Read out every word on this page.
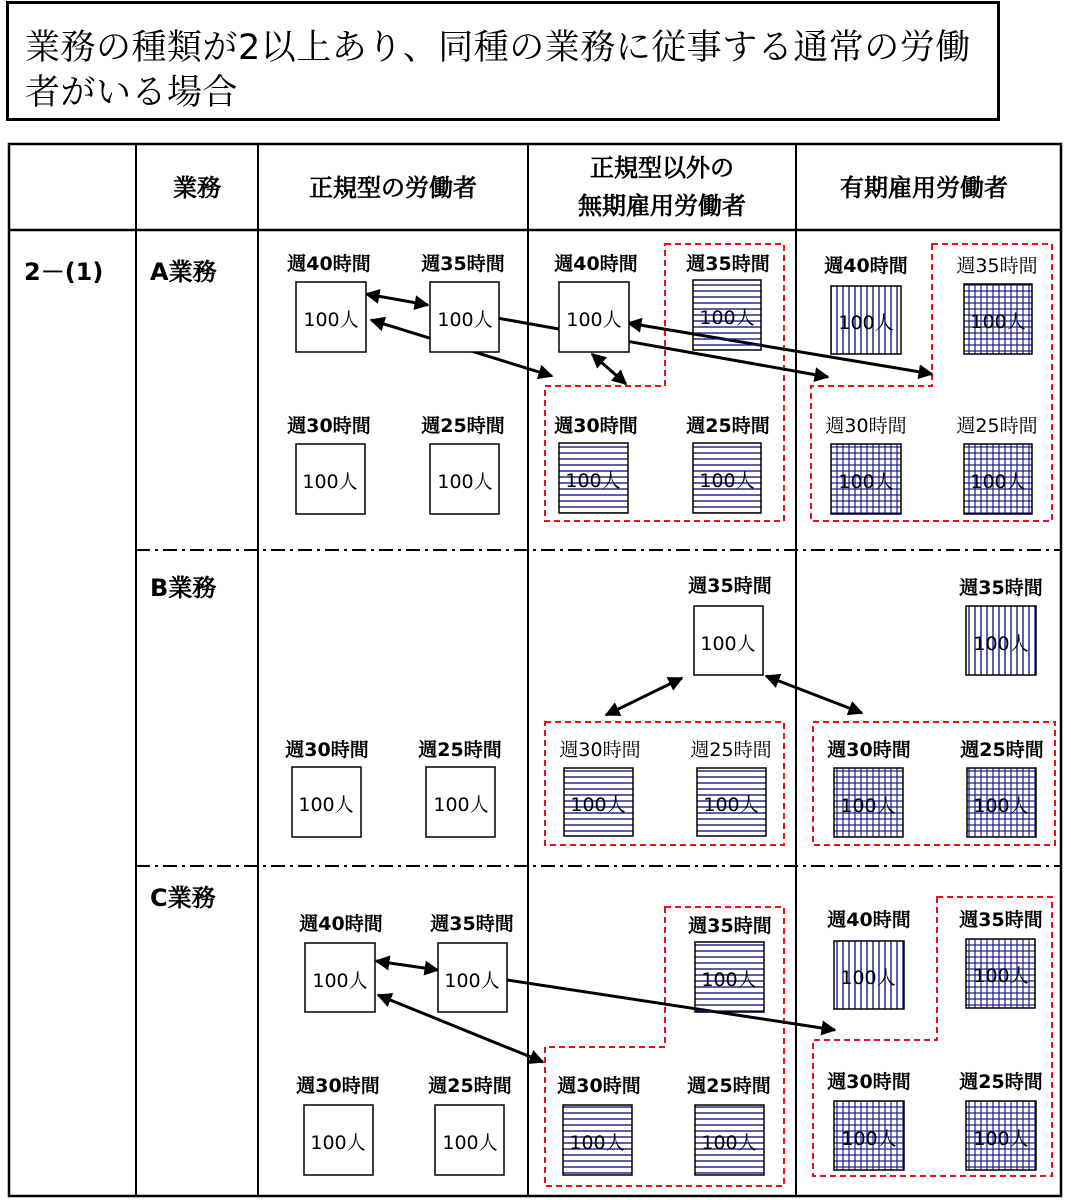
業務の種類が2以上あり、同種の業務に従事する通常の労働者がいる場合
業務	正規型の労働者
正規型以外の
無期雇用労働者
有期雇用労働者
2－(1) A業務
B業務
C業務
週40時間
100人
週35時間
100人
週30時間
100人
週25時間
100人
週40時間
100人
週35時間
100人
週30時間
100人
週25時間
100人
週40時間
100人
週35時間
100人
週30時間
100人
週25時間
100人
週30時間
100人
週25時間
100人
週35時間
100人
週30時間
100人
週25時間
100人
週35時間
100人
週30時間
100人
週25時間
100人
週40時間
100人
週35時間
100人
週30時間
100人
週25時間
100人
週35時間
100人
週30時間
100人
週25時間
100人
週40時間
100人
週35時間
100人
週30時間
100人
週25時間
100人
